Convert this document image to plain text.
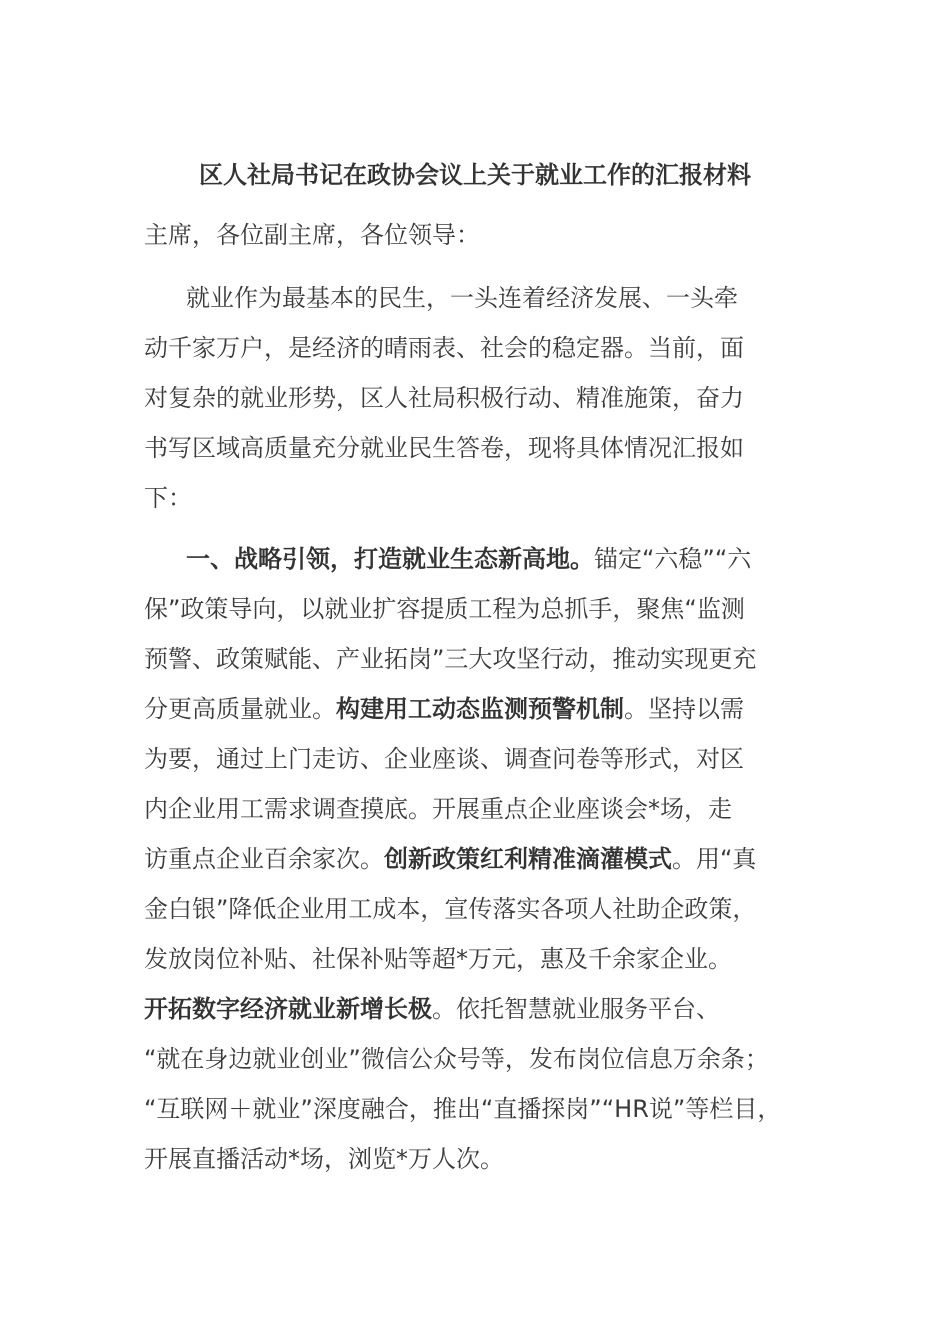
区人社局书记在政协会议上关于就业工作的汇报材料

主席，各位副主席，各位领导：

就业作为最基本的民生，一头连着经济发展、一头牵
动千家万户，是经济的晴雨表、社会的稳定器。当前，面
对复杂的就业形势，区人社局积极行动、精准施策，奋力
书写区域高质量充分就业民生答卷，现将具体情况汇报如
下：

一、战略引领，打造就业生态新高地。锚定“六稳”“六
保”政策导向，以就业扩容提质工程为总抓手，聚焦“监测
预警、政策赋能、产业拓岗”三大攻坚行动，推动实现更充
分更高质量就业。构建用工动态监测预警机制。坚持以需
为要，通过上门走访、企业座谈、调查问卷等形式，对区
内企业用工需求调查摸底。开展重点企业座谈会*场，走
访重点企业百余家次。创新政策红利精准滴灌模式。用“真
金白银”降低企业用工成本，宣传落实各项人社助企政策，
发放岗位补贴、社保补贴等超*万元，惠及千余家企业。
开拓数字经济就业新增长极。依托智慧就业服务平台、
“就在身边就业创业”微信公众号等，发布岗位信息万余条；
“互联网＋就业”深度融合，推出“直播探岗”“HR说”等栏目，
开展直播活动*场，浏览*万人次。
